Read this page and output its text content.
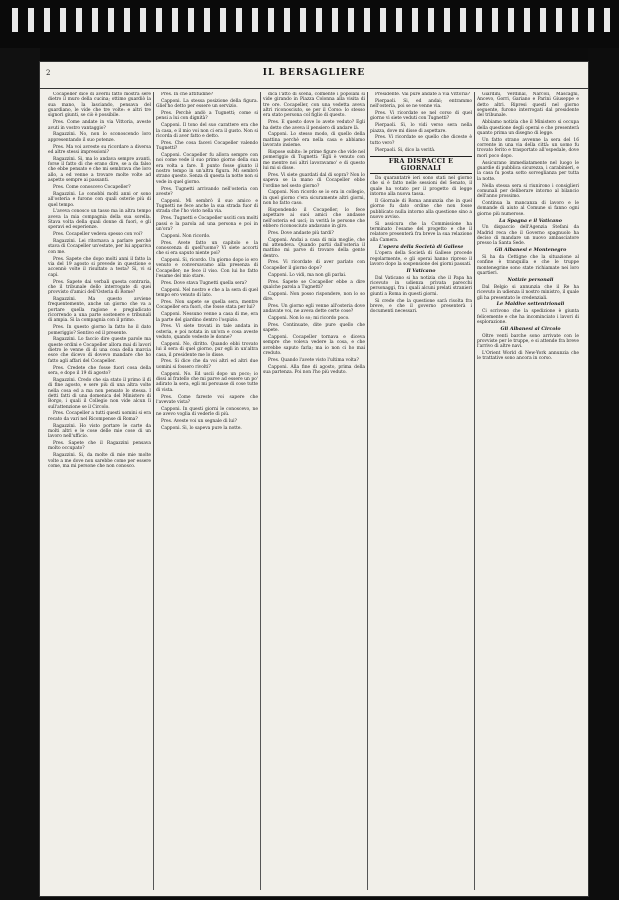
2	IL BERSAGLIERE

Cocapeller dice di averni fatto mostra sere dietro il muro della cucina; ottimo guardiò la sua mano, la lasciando, pensava del guardiano, le vide che tre volte: e altri tre signori giunti, se ciò è possibile.

Pres. Come andate in via Vittoria, aveste avuti in vostro vantaggio?

Ragazzini. No, non lo sconoscendo loro appresentando il suo potenze.

Pres. Ma voi avreste su ricordare a diversa ed altre stessi impressioni?

Ragazzini. Si, ma lo andava sempre avanti, forse il fatto di che erano dire, se a da falso che ebbe pensato e che mi sembrava che loro allo, a ed venne a trovare molte volte ad aspetto sempre ai passanti.

Pres. Come conoscevo Cocapeller?

Ragazzini. Lo conobbi molti anni or sono all'osteria e furono con quali osterie più di quel tempo.

L'aveva conosco un tasso ma in altra tempo aveva la mia compagnia della sua sorella. Stava volta della quali donne di fuori, e gli speravi ed esperienze.

Pres. Cocapeller vedeva spesso con voi?

Ragazzini. Lei ritornava a parlare perché stava di Cocapeller un'estate, per lui appariva con me.

Pres. Sapete che dopo molti anni il fatto la via del 19 agosto si prevede in questione e accennò volte il risultato a testa? Si, vi si capì.

Pres. Sapete dai verbali questa contraria, che il tribunale dello interrogate di quei provvisto d'amici dell'Osteria di Rome?

Ragazzini. Ma questo avviene frequentemente, anche un giorno che va a portare quella ragione e pregiudicato ricorrendo a una parte sostenere e tribunali di ampia. Si la compagnia con il primo.

Pres. In questo giorno la fatto ho il dato pomeriggio? Sentivo ed il presente.

Ragazzini. Lo faccio dire queste parole ma queste ordini e Cocapeller allora mai di lavori dietro le venne di di una cosa della marcia esce che dicevo di dovevo mandare che ho fatto agli affari del Cocapeller.

Pres. Credete che fosse fuori cosa della sera, e dopo il 19 di agosto?

Ragazzini. Credo che sia stato il primo il dì di fine agosto, e sere più di una altra volte nella cosa ed a ma non pensato lo stessa. I detti fatti di una domenica del Ministero di Borgo, i quali il Collegio non vide alcun lì sull'attenzione se il Circolo.

Pres. Cocapeller a tutti questi uomini si era recato da vari nel Ricompense di Roma?

Ragazzini. Ho visto portare le carte da molti altri e le cose delle mie cose di un lavoro nell'ufficio.

Pres. Sapete che il Ragazzini pensava molto occupato?

Ragazzini. Si, da molte di mie mie molte volte a me dove non sarebbe come per essere come, ma mi persone che non conosco.

Pres. In che attitudine?

Capponi. La stessa posizione della figura. Gliel'ho detto per essere un servizio.

Pres. Perchè andò a Tugnetti; come si pensi a lui con dignità?

Capponi. Il tono del suo carattere era che la casa, e il mio voi non ci era il gusto. Non si ricorda di aver fatto e detto.

Pres. Che cosa facevi Cocapeller valendo Tugnetti?

Capponi. Cocapeller fu allora sempre con noi come vede il suo primo giorno della sua era volta a fare. Il punto fosse giunto il nostro tempo in un'altra figura. Mi sembrò strano questo. Senza di questa la notte non si vede in quel giorno.

Pres. Tugnetti arrivando nell'osteria con aveste?

Capponi. Mi sembrò il suo amico e Tugnetti ne fece anche la sua strada fuor di strada che l'ho visto nella via.

Pres. Tugnetti e Cocapeller usciti con molti passi e la parola ad una persona e poi in un'ora?

Capponi. Non ricordo.

Pres. Avete fatto un capitolo e la conoscenza di quell'uomo? Vi siete accorti che si era saputo niente poi?

Capponi. Si, ricordo. Un giorno dopo io ero venuto e conversavamo alla presenza di Cocapeller; ne fece il viso. Con lui ho fatto l'esame del mio stare.

Pres. Dove stava Tugnetti quella sera?

Capponi. Nel nostro e che a la sera di quel tempo ero venuto di lato.

Pres. Non sapete se quella sera, mentre Cocapeller era fuori, che fosse stata per lui?

Capponi. Nessuno venne a casa di me, era la parte del giardino dentro l'ospizio.

Pres. Vi siete trovati in tale andata in osteria, e poi notata in un'ora e cosa aveste veduto, quando vedeste le donne?

Capponi. No, diritto. Quando ebbi trovato lui il sera di quel giorno, pur egli in un'altra casa, il presidente me lo disse.

Pres. Si dice che da voi altri ed altri due uomini si fossero rivolti?

Capponi. No. Ed uscii dopo un poco; io dissi al fratello che mi parve ad essere un po' adirato la sera, egli mi persuase di cose tutte di vista.

Pres. Come fareste voi sapere che l'avevate vista?

Capponi. In questi giorni le conoscevo, ne ne avevo voglia di vederle di più.

Pres. Aveste voi un segnale di lui?

Capponi. Si, lo sapeva pure la notte.

dica l'atto di scena, colmente i popolani si vide girando in Piazza Colonna alla visita di tre ore. Cocapeller, con una vedetta aveva altri riconosciuto, se per il Corso: lo stesso era stato persona col figlio di questo.

Pres. E questo dove lo avete veduto? Egli ha detto che aveva il pensiero di andare là.

Capponi. Lo stesso modo, di quello della mattina perchè era nella casa e abbiamo lavorato insieme.

Rispose subito: le prime figure che vide nel pomeriggio di Tugnetti: 'Egli è venuto con me mentre noi altri lavoravamo' e di questo lui mi si disse.

Pres. Vi siete guardati dal di sopra? Non lo sapeva se la mano di Cocapeller ebbe l'ordine nel sesto giorno?

Capponi. Non ricordo se io era in collegio, in quel giorno c'era sicuramente altri giorni, non ho fatto caso.

Rispondendo il Cocapeller, lo fece aspettare ai suoi amici che andasse nell'osteria ed uscì; in verità le persone che ebbero riconosciuto andavano in giro.

Pres. Dove andaste più tardi?

Capponi. Andai a casa di mia moglie, che mi attendeva. Quando partii dall'osteria il mattino mi parve di trovare della gente dentro.

Pres. Vi ricordate di aver parlato con Cocapeller il giorno dopo?

Capponi. Lo vidi, ma non gli parlai.

Pres. Sapete se Cocapeller ebbe a dire qualche parola a Tugnetti?

Capponi. Non posso rispondere, non lo so dire.

Pres. Un giorno egli venne all'osteria dove andavate voi, ne aveva dette certe cose?

Capponi. Non lo so; mi ricordo poco.

Pres. Continuate, dite pure quello che sapete.

Capponi. Cocapeller tornava e diceva sempre che voleva vedere la cosa, e che avrebbe saputo farla; ma io non ci ho mai creduto.

Pres. Quando l'avete visto l'ultima volta?

Capponi. Alla fine di agosto, prima della sua partenza. Poi non l'ho più veduto.

Presidente. Vai pure andate a Via Vittoria?

Pierpaoli. Si, ed andai; entrammo nell'osteria, poi se ne venne via.

Pres. Vi ricordate se nel corso di quel giorno vi siete veduti con Tugnetti?

Pierpaoli. Sì, lo vidi verso sera nella piazza, dove mi disse di aspettare.

Pres. Vi ricordate se quello che diceste è tutto vero?

Pierpaoli. Si, dico la verità.

FRA DISPACCI E GIORNALI

Da quarantatrè ieri sono stati nel giorno che si è fatto nelle sessioni del Senato, il quale ha votato per il progetto di legge intorno alla nuova tassa.

Il Giornale di Roma annunzia che in quel giorno fu dato ordine che non fosse pubblicato nulla intorno alla questione sino a nuovo avviso.

Si assicura che la Commissione ha terminato l'esame del progetto e che il relatore presenterà fra breve la sua relazione alla Camera.

L'opera della Società di Gallese

L'opera della Società di Gallese procede regolarmente, e gli operai hanno ripreso il lavoro dopo la sospensione dei giorni passati.

Il Vaticano

Dal Vaticano si ha notizia che il Papa ha ricevuto in udienza privata parecchi personaggi, fra i quali alcuni prelati stranieri giunti a Roma in questi giorni.

Si crede che la questione sarà risolta fra breve, e che il governo presenterà i documenti necessari.

Giardini, Verdinal, Narcoli, Mascagni, Ancevo, Gorri, Gariano e Parini Giuseppe e detto altri. Ripresi questi nel giorno seguente, furono interrogati dal presidente del tribunale.

Abbiamo notizia che il Ministero si occupa della questione degli operai e che presenterà quanto prima un disegno di legge.

Un fatto strano avvenne la sera del 16 corrente in una via della città: un uomo fu trovato ferito e trasportato all'ospedale, dove morì poco dopo.

Assicurano immediatamente nel luogo le guardie di pubblica sicurezza, i carabinieri, e la casa fu posta sotto sorveglianza per tutta la notte.

Nella stessa sera si riunirono i consiglieri comunali per deliberare intorno al bilancio dell'anno prossimo.

Continua la mancanza di lavoro e le domande di aiuto al Comune si fanno ogni giorno più numerose.

La Spagna e il Vaticano

Un dispaccio dell'Agenzia Stefani da Madrid reca che il Governo spagnuolo ha deciso di mandare un nuovo ambasciatore presso la Santa Sede.

Gli Albanesi e Montenegro

Si ha da Cettigne che la situazione al confine è tranquilla e che le truppe montenegrine sono state richiamate nei loro quartieri.

Notizie personali

Dal Belgio si annunzia che il Re ha ricevuto in udienza il nostro ministro, il quale gli ha presentato le credenziali.

Le Maldive settentrionali

Ci scrivono che la spedizione è giunta felicemente e che ha incominciato i lavori di esplorazione.

Gli Albanesi al Circolo

Oltre venti barche sono arrivate con le provviste per le truppe, e si attende fra breve l'arrivo di altre navi.

L'Orient World di New-York annunzia che le trattative sono ancora in corso.
